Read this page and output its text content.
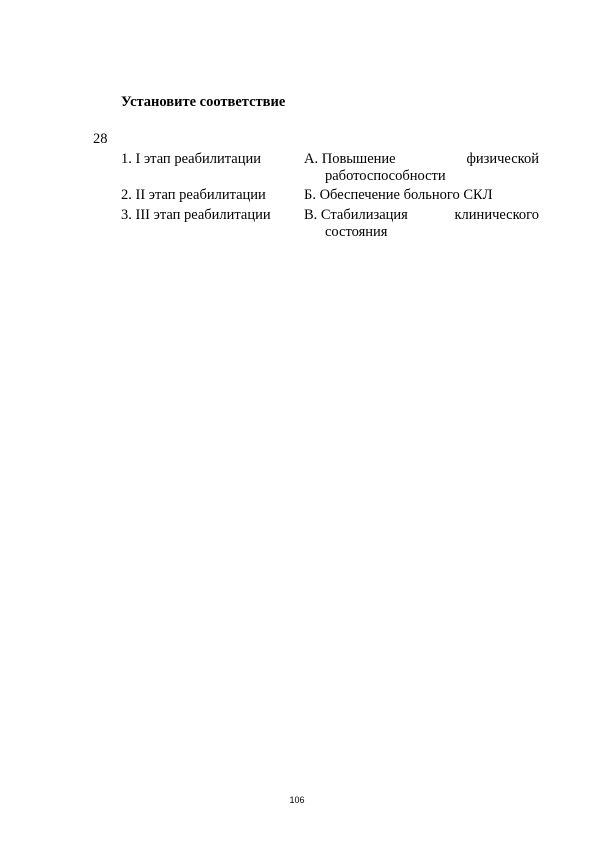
Установите соответствие
28
1. I этап реабилитации
2. II этап реабилитации
3. III этап реабилитации
А. Повышение	физической
работоспособности
Б. Обеспечение больного СКЛ
В. Стабилизация	клинического
состояния
106
